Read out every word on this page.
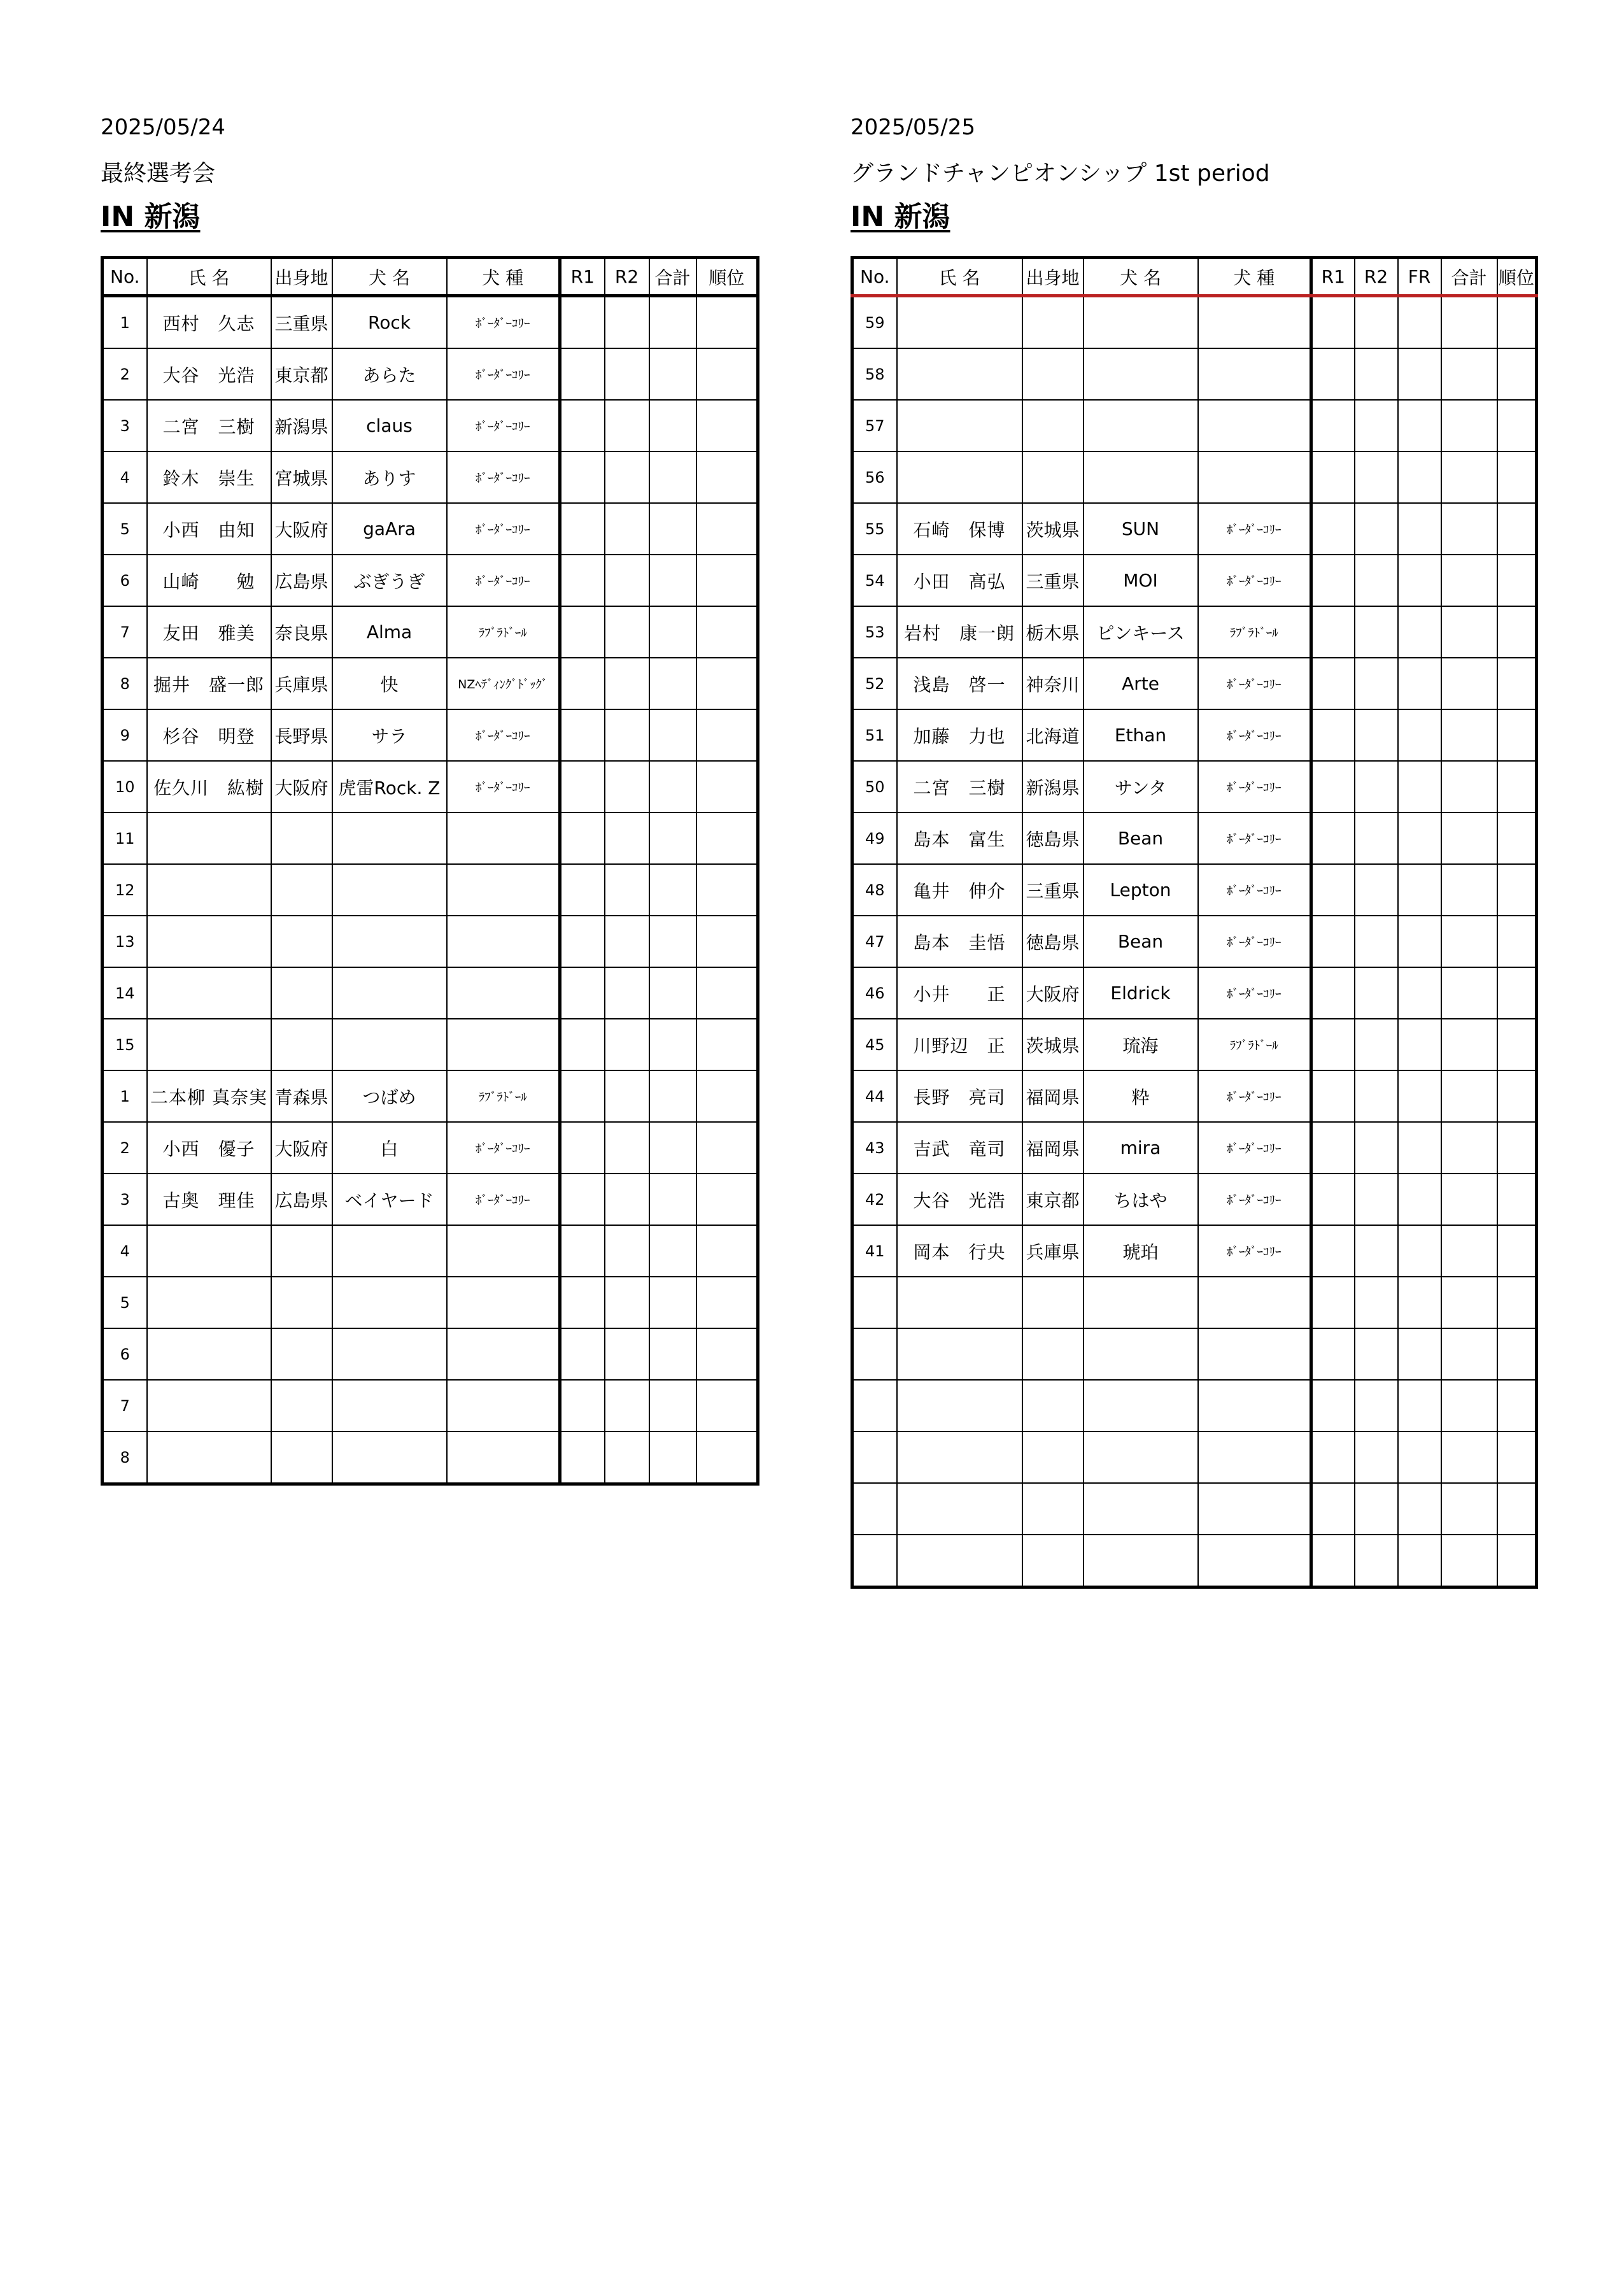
2025/05/24
最終選考会
IN 新潟
No.	氏 名	出身地	犬 名	犬 種	R1	R2	合計	順位
1	西村　久志	三重県	Rock	ﾎﾞｰﾀﾞｰｺﾘｰ				
2	大谷　光浩	東京都	あらた	ﾎﾞｰﾀﾞｰｺﾘｰ				
3	二宮　三樹	新潟県	claus	ﾎﾞｰﾀﾞｰｺﾘｰ				
4	鈴木　崇生	宮城県	ありす	ﾎﾞｰﾀﾞｰｺﾘｰ				
5	小西　由知	大阪府	gaAra	ﾎﾞｰﾀﾞｰｺﾘｰ				
6	山崎　　勉	広島県	ぶぎうぎ	ﾎﾞｰﾀﾞｰｺﾘｰ				
7	友田　雅美	奈良県	Alma	ﾗﾌﾞﾗﾄﾞｰﾙ				
8	掘井　盛一郎	兵庫県	快	NZﾍﾃﾞｨﾝｸﾞﾄﾞｯｸﾞ				
9	杉谷　明登	長野県	サラ	ﾎﾞｰﾀﾞｰｺﾘｰ				
10	佐久川　紘樹	大阪府	虎雷Rock. Z	ﾎﾞｰﾀﾞｰｺﾘｰ				
11								
12								
13								
14								
15								
1	二本柳 真奈実	青森県	つばめ	ﾗﾌﾞﾗﾄﾞｰﾙ				
2	小西　優子	大阪府	白	ﾎﾞｰﾀﾞｰｺﾘｰ				
3	古奥　理佳	広島県	ベイヤード	ﾎﾞｰﾀﾞｰｺﾘｰ				
4								
5								
6								
7								
8								
2025/05/25
グランドチャンピオンシップ 1st period
IN 新潟
No.	氏 名	出身地	犬 名	犬 種	R1	R2	FR	合計	順位
59									
58									
57									
56									
55	石崎　保博	茨城県	SUN	ﾎﾞｰﾀﾞｰｺﾘｰ					
54	小田　高弘	三重県	MOI	ﾎﾞｰﾀﾞｰｺﾘｰ					
53	岩村　康一朗	栃木県	ピンキース	ﾗﾌﾞﾗﾄﾞｰﾙ					
52	浅島　啓一	神奈川	Arte	ﾎﾞｰﾀﾞｰｺﾘｰ					
51	加藤　力也	北海道	Ethan	ﾎﾞｰﾀﾞｰｺﾘｰ					
50	二宮　三樹	新潟県	サンタ	ﾎﾞｰﾀﾞｰｺﾘｰ					
49	島本　富生	徳島県	Bean	ﾎﾞｰﾀﾞｰｺﾘｰ					
48	亀井　伸介	三重県	Lepton	ﾎﾞｰﾀﾞｰｺﾘｰ					
47	島本　圭悟	徳島県	Bean	ﾎﾞｰﾀﾞｰｺﾘｰ					
46	小井　　正	大阪府	Eldrick	ﾎﾞｰﾀﾞｰｺﾘｰ					
45	川野辺　正	茨城県	琉海	ﾗﾌﾞﾗﾄﾞｰﾙ					
44	長野　亮司	福岡県	粋	ﾎﾞｰﾀﾞｰｺﾘｰ					
43	吉武　竜司	福岡県	mira	ﾎﾞｰﾀﾞｰｺﾘｰ					
42	大谷　光浩	東京都	ちはや	ﾎﾞｰﾀﾞｰｺﾘｰ					
41	岡本　行央	兵庫県	琥珀	ﾎﾞｰﾀﾞｰｺﾘｰ					
